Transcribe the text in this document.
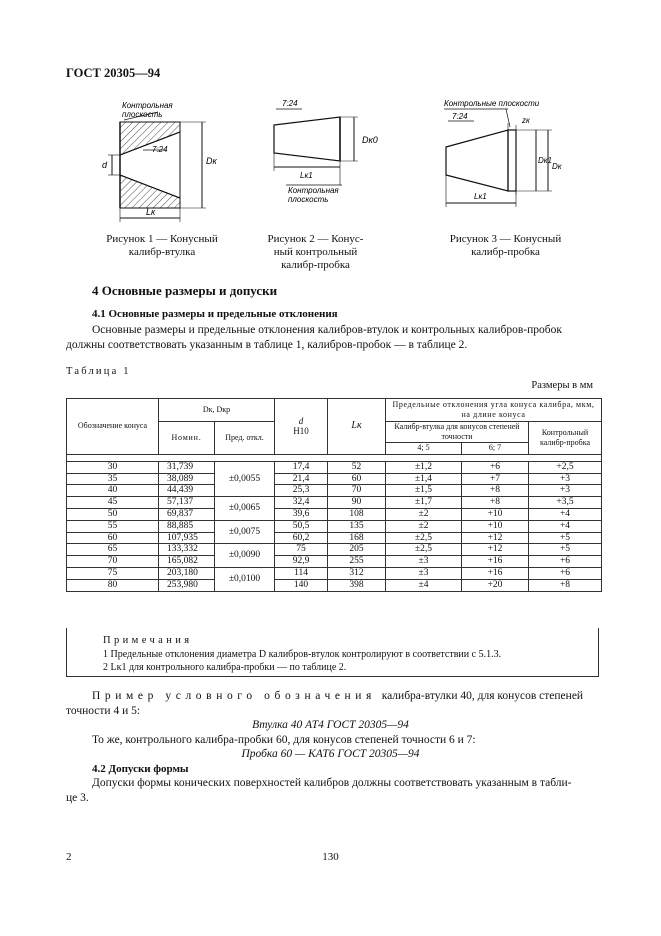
ГОСТ 20305—94
Контрольная
плоскость
7:24
d	Dк
Lк
Рисунок 1 — Конусный
калибр-втулка
7:24
Dк0
Lк1
Контрольная
плоскость
Рисунок 2 — Конус-
ный контрольный
калибр-пробка
Контрольные плоскости
7:24	zк
Dк1
Dк
Lк1
Рисунок 3 — Конусный
калибр-пробка
4 Основные размеры и допуски
4.1 Основные размеры и предельные отклонения
Основные размеры и предельные отклонения калибров-втулок и контрольных калибров-пробок
должны соответствовать указанным в таблице 1, калибров-пробок — в таблице 2.
Таблица 1
Размеры в мм
Обозначение конуса	Dк, Dкр		d
H10	Lк	Предельные отклонения угла конуса калибра, мкм, на длине конуса		
	Номин.	Пред. откл.			Калибр-втулка для конусов степеней точности		Контрольный калибр-пробка
					4; 5	6; 7	

30	31,739	±0,0055	17,4	52	±1,2	+6	+2,5
35	38,089		21,4	60	±1,4	+7	+3
40	44,439		25,3	70	±1,5	+8	+3
45	57,137	±0,0065	32,4	90	±1,7	+8	+3,5
50	69,837		39,6	108	±2	+10	+4
55	88,885	±0,0075	50,5	135	±2	+10	+4
60	107,935		60,2	168	±2,5	+12	+5
65	133,332	±0,0090	75	205	±2,5	+12	+5
70	165,082		92,9	255	±3	+16	+6
75	203,180	±0,0100	114	312	±3	+16	+6
80	253,980		140	398	±4	+20	+8
Примечания
1 Предельные отклонения диаметра D калибров-втулок контролируют в соответствии с 5.1.3.
2 Lк1 для контрольного калибра-пробки — по таблице 2.
Пример условного обозначения калибра-втулки 40, для конусов степеней
точности 4 и 5:
Втулка 40 АТ4 ГОСТ 20305—94
То же, контрольного калибра-пробки 60, для конусов степеней точности 6 и 7:
Пробка 60 — КАТ6 ГОСТ 20305—94
4.2 Допуски формы
Допуски формы конических поверхностей калибров должны соответствовать указанным в табли-
це 3.
2	130
